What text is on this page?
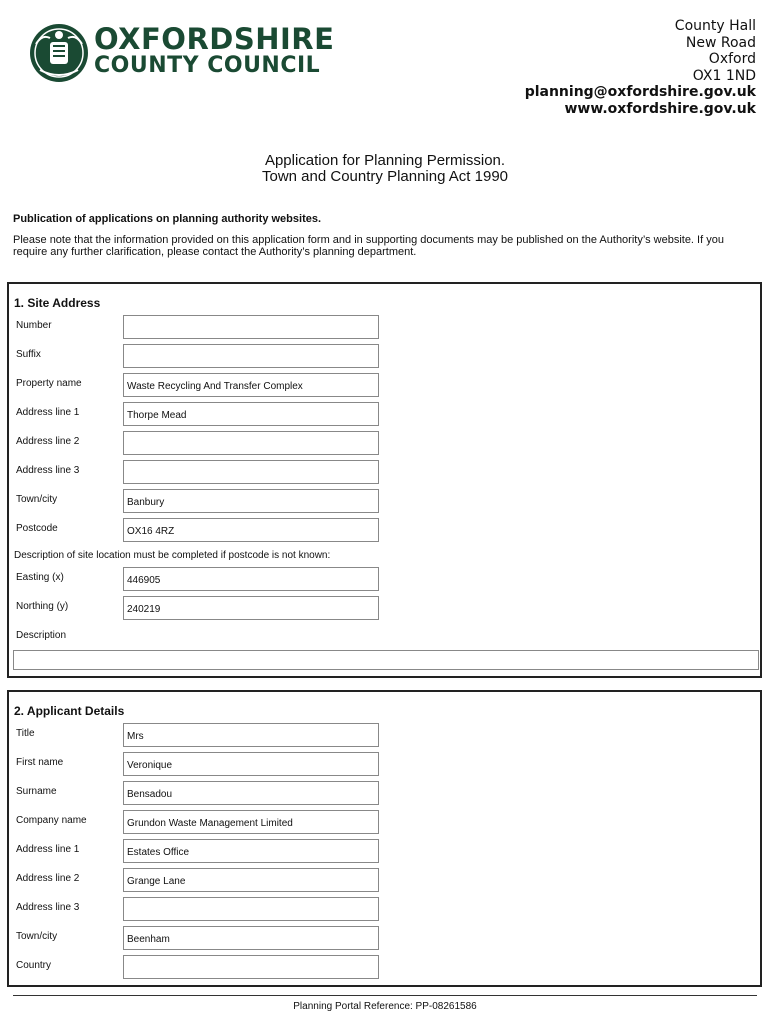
OXFORDSHIRE
COUNTY COUNCIL
County Hall
New Road
Oxford
OX1 1ND
planning@oxfordshire.gov.uk
www.oxfordshire.gov.uk
Application for Planning Permission.
Town and Country Planning Act 1990
Publication of applications on planning authority websites.
Please note that the information provided on this application form and in supporting documents may be published on the Authority’s website. If you require any further clarification, please contact the Authority’s planning department.
1. Site Address
Number
Suffix
Property name	Waste Recycling And Transfer Complex
Address line 1	Thorpe Mead
Address line 2
Address line 3
Town/city	Banbury
Postcode	OX16 4RZ
Description of site location must be completed if postcode is not known:
Easting (x)	446905
Northing (y)	240219
Description
2. Applicant Details
Title	Mrs
First name	Veronique
Surname	Bensadou
Company name	Grundon Waste Management Limited
Address line 1	Estates Office
Address line 2	Grange Lane
Address line 3
Town/city	Beenham
Country
Planning Portal Reference: PP-08261586
